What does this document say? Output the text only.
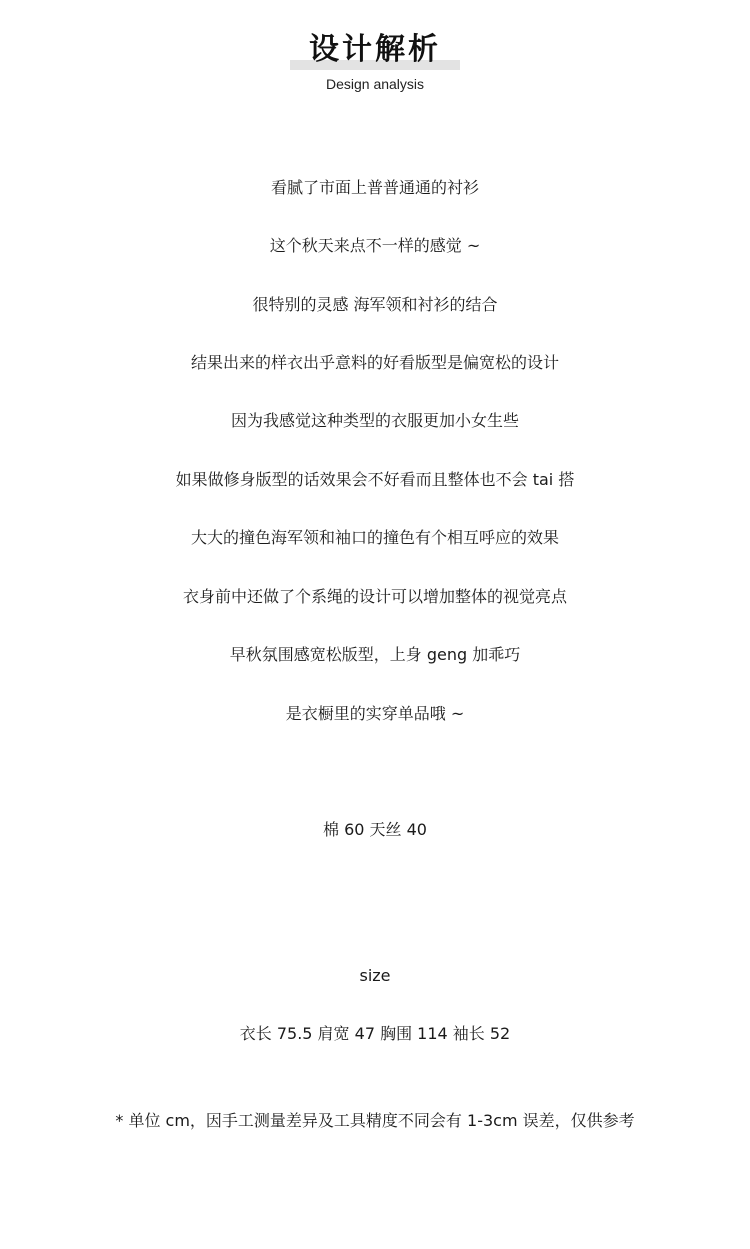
设计解析
Design analysis
看腻了市面上普普通通的衬衫
这个秋天来点不一样的感觉 ~
很特别的灵感 海军领和衬衫的结合
结果出来的样衣出乎意料的好看版型是偏宽松的设计
因为我感觉这种类型的衣服更加小女生些
如果做修身版型的话效果会不好看而且整体也不会 tai 搭
大大的撞色海军领和袖口的撞色有个相互呼应的效果
衣身前中还做了个系绳的设计可以增加整体的视觉亮点
早秋氛围感宽松版型，上身 geng 加乖巧
是衣橱里的实穿单品哦 ~
棉 60 天丝 40
size
衣长 75.5 肩宽 47 胸围 114 袖长 52
* 单位 cm，因手工测量差异及工具精度不同会有 1-3cm 误差，仅供参考
